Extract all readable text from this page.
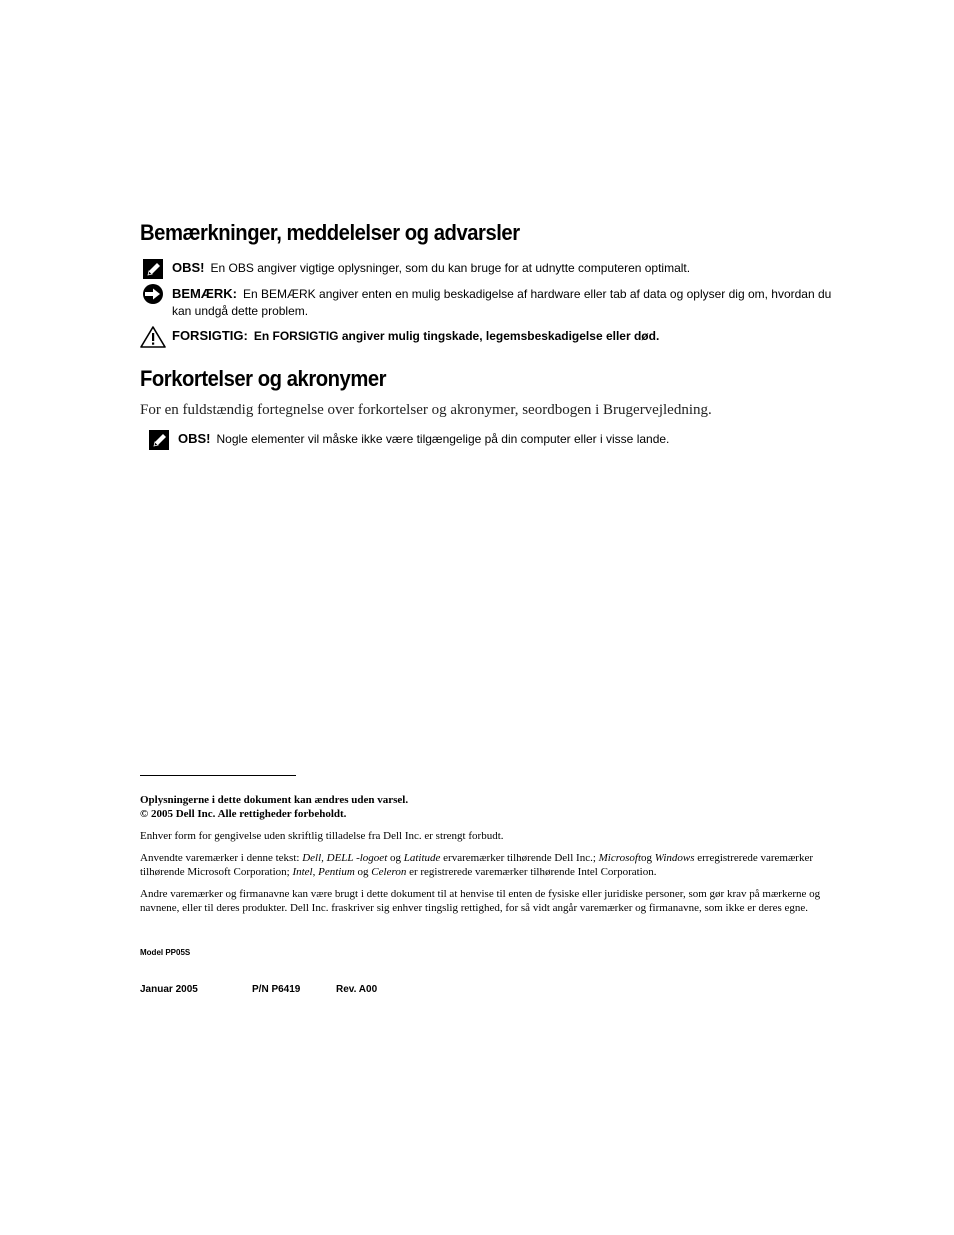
Bemærkninger, meddelelser og advarsler
OBS! En OBS angiver vigtige oplysninger, som du kan bruge for at udnytte computeren optimalt.
BEMÆRK: En BEMÆRK angiver enten en mulig beskadigelse af hardware eller tab af data og oplyser dig om, hvordan du kan undgå dette problem.
FORSIGTIG: En FORSIGTIG angiver mulig tingskade, legemsbeskadigelse eller død.
Forkortelser og akronymer
For en fuldstændig fortegnelse over forkortelser og akronymer, seordbogen i Brugervejledning.
OBS! Nogle elementer vil måske ikke være tilgængelige på din computer eller i visse lande.

Oplysningerne i dette dokument kan ændres uden varsel.

© 2005 Dell Inc. Alle rettigheder forbeholdt.

Enhver form for gengivelse uden skriftlig tilladelse fra Dell Inc. er strengt forbudt.

Anvendte varemærker i denne tekst: Dell, DELL -logoet og Latitude ervaremærker tilhørende Dell Inc.; Microsoftog Windows erregistrerede varemærker tilhørende Microsoft Corporation; Intel, Pentium og Celeron er registrerede varemærker tilhørende Intel Corporation.

Andre varemærker og firmanavne kan være brugt i dette dokument til at henvise til enten de fysiske eller juridiske personer, som gør krav på mærkerne og navnene, eller til deres produkter. Dell Inc. fraskriver sig enhver tingslig rettighed, for så vidt angår varemærker og firmanavne, som ikke er deres egne.

Model PP05S
Januar 2005	P/N P6419	Rev. A00
